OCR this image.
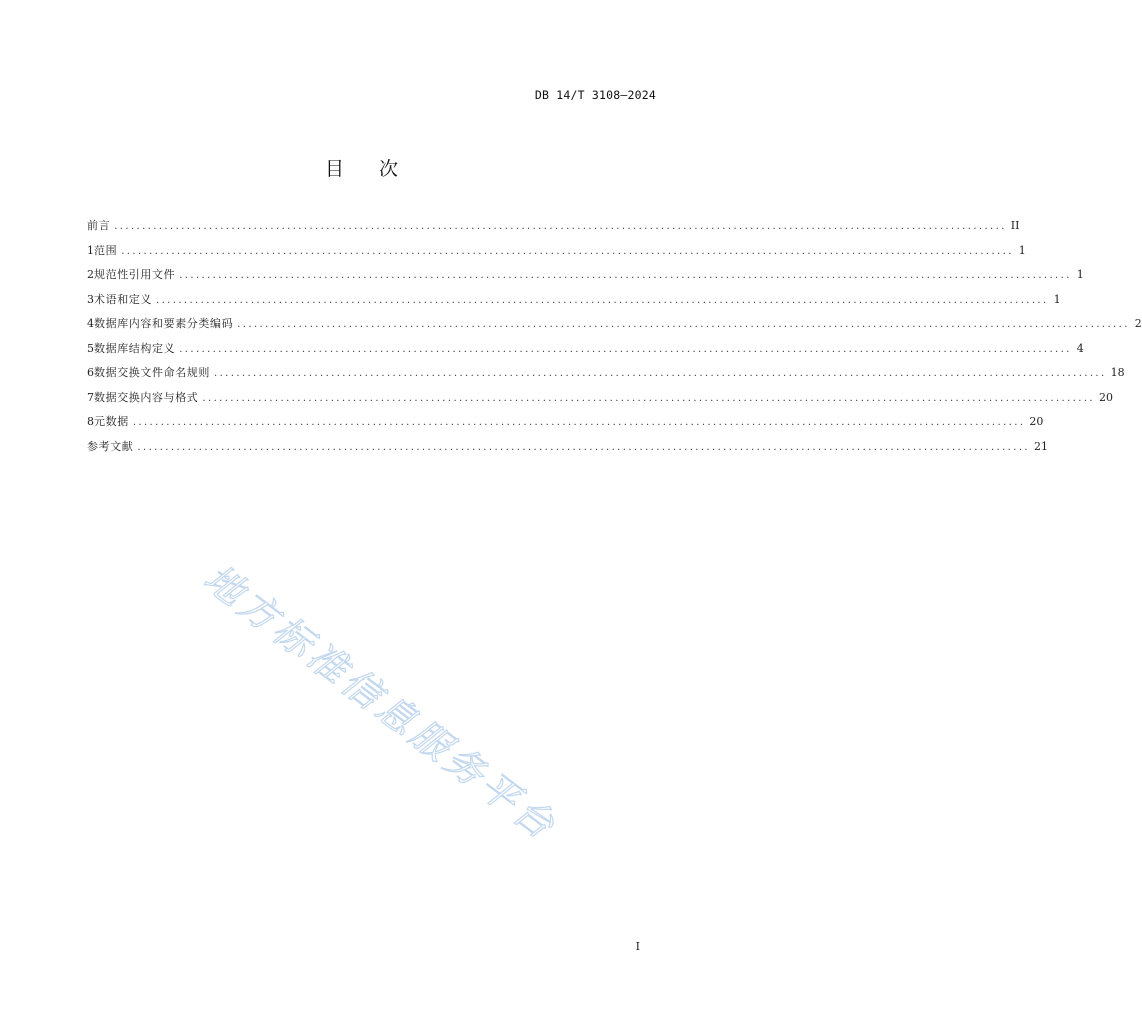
DB 14/T 3108—2024
目 次
前言 ................................................................................................................................................................ II
1 范围 ................................................................................................................................................................ 1
2 规范性引用文件 ................................................................................................................................................................ 1
3 术语和定义 ................................................................................................................................................................ 1
4 数据库内容和要素分类编码 ................................................................................................................................................................ 2
5 数据库结构定义 ................................................................................................................................................................ 4
6 数据交换文件命名规则 ................................................................................................................................................................ 18
7 数据交换内容与格式 ................................................................................................................................................................ 20
8 元数据 ................................................................................................................................................................ 20
参考文献 ................................................................................................................................................................ 21
地方标准信息服务平台
I
